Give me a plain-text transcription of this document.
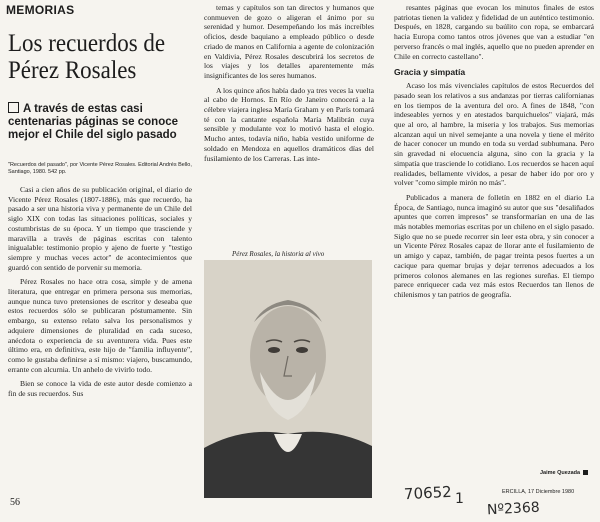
MEMORIAS
Los recuerdos de Pérez Rosales
A través de estas casi centenarias páginas se conoce mejor el Chile del siglo pasado
"Recuerdos del pasado", por Vicente Pérez Rosales. Editorial Andrés Bello, Santiago, 1980. 542 pp.

Casi a cien años de su publicación original, el diario de Vicente Pérez Rosales (1807-1886), más que recuerdo, ha pasado a ser una historia viva y permanente de un Chile del siglo XIX con todas las situaciones políticas, sociales y costumbristas de su época. Y un tiempo que trasciende y maravilla a través de páginas escritas con talento inigualable: testimonio propio y ajeno de fuerte y "testigo siempre y muchas veces actor" de acontecimientos que guardó con sentido de porvenir su memoria.

Pérez Rosales no hace otra cosa, simple y de amena literatura, que entregar en primera persona sus memorias, aunque nunca tuvo pretensiones de escritor y deseaba que estos recuerdos sólo se publicaran póstumamente. Sin embargo, su extenso relato salva los personalismos y adquiere dimensiones de pluralidad en cada suceso, anécdota o experiencia de su aventurera vida. Pues este último era, en definitiva, este hijo de "familia influyente", como le gustaba definirse a sí mismo: viajero, buscamundo, errante con alcurnia. Un anhelo de vivirlo todo.

Bien se conoce la vida de este autor desde comienzo a fin de sus recuerdos. Sus

56

temas y capítulos son tan directos y humanos que conmueven de gozo o aligeran el ánimo por su serenidad y humor. Desempeñando los más increíbles oficios, desde baquiano a empleado público o desde criado de manos en California a agente de colonización en Valdivia, Pérez Rosales descubrirá los secretos de los viajes y los detalles aparentemente más insignificantes de los seres humanos.

A los quince años había dado ya tres veces la vuelta al cabo de Hornos. En Río de Janeiro conocerá a la célebre viajera inglesa María Graham y en París tomará té con la cantante española María Malibrán cuya sensible y modulante voz lo motivó hasta el elogio. Mucho antes, todavía niño, había vestido uniforme de soldado en Mendoza en aquellos dramáticos días del fusilamiento de los Carreras. Las inte-

Pérez Rosales, la historia al vivo

resantes páginas que evocan los minutos finales de estos patriotas tienen la validez y fidelidad de un auténtico testimonio. Después, en 1828, cargando su baúlito con ropa, se embarcará hacia Europa como tantos otros jóvenes que van a estudiar "en perverso francés o mal inglés, aquello que no pueden aprender en Chile en correcto castellano".

Gracia y simpatía

Acaso los más vivenciales capítulos de estos Recuerdos del pasado sean los relativos a sus andanzas por tierras californianas en los tiempos de la aventura del oro. A fines de 1848, "con indeseables yernos y en atestados barquichuelos" viajará, más que al oro, al hambre, la miseria y los trabajos. Sus memorias alcanzan aquí un nivel semejante a una novela y tiene el mérito de hacer conocer un mundo en toda su verdad subhumana. Pero sin gravedad ni elocuencia alguna, sino con la gracia y la simpatía que trasciende lo cotidiano. Los recuerdos se hacen aquí realidades, bellamente vívidos, a pesar de haber ido por oro y volver "como simple mirón no más".

Publicados a manera de folletín en 1882 en el diario La Época, de Santiago, nunca imaginó su autor que sus "desaliñados apuntes que corren impresos" se transformarían en una de las más notables memorias escritas por un chileno en el siglo pasado. Siglo que no se puede recorrer sin leer esta obra, y sin conocer a un Vicente Pérez Rosales capaz de llorar ante el fusilamiento de un amigo y capaz, también, de pagar treinta pesos fuertes a un cacique para quemar brujas y dejar terrenos adecuados a los primeros colonos alemanes en las regiones sureñas. El tiempo parece enriquecer cada vez más estos Recuerdos tan llenos de chilenismos y tan patrios de geografía.

Jaime Quezada
ERCILLA, 17 Diciembre 1980
70652 1
Nº2368
